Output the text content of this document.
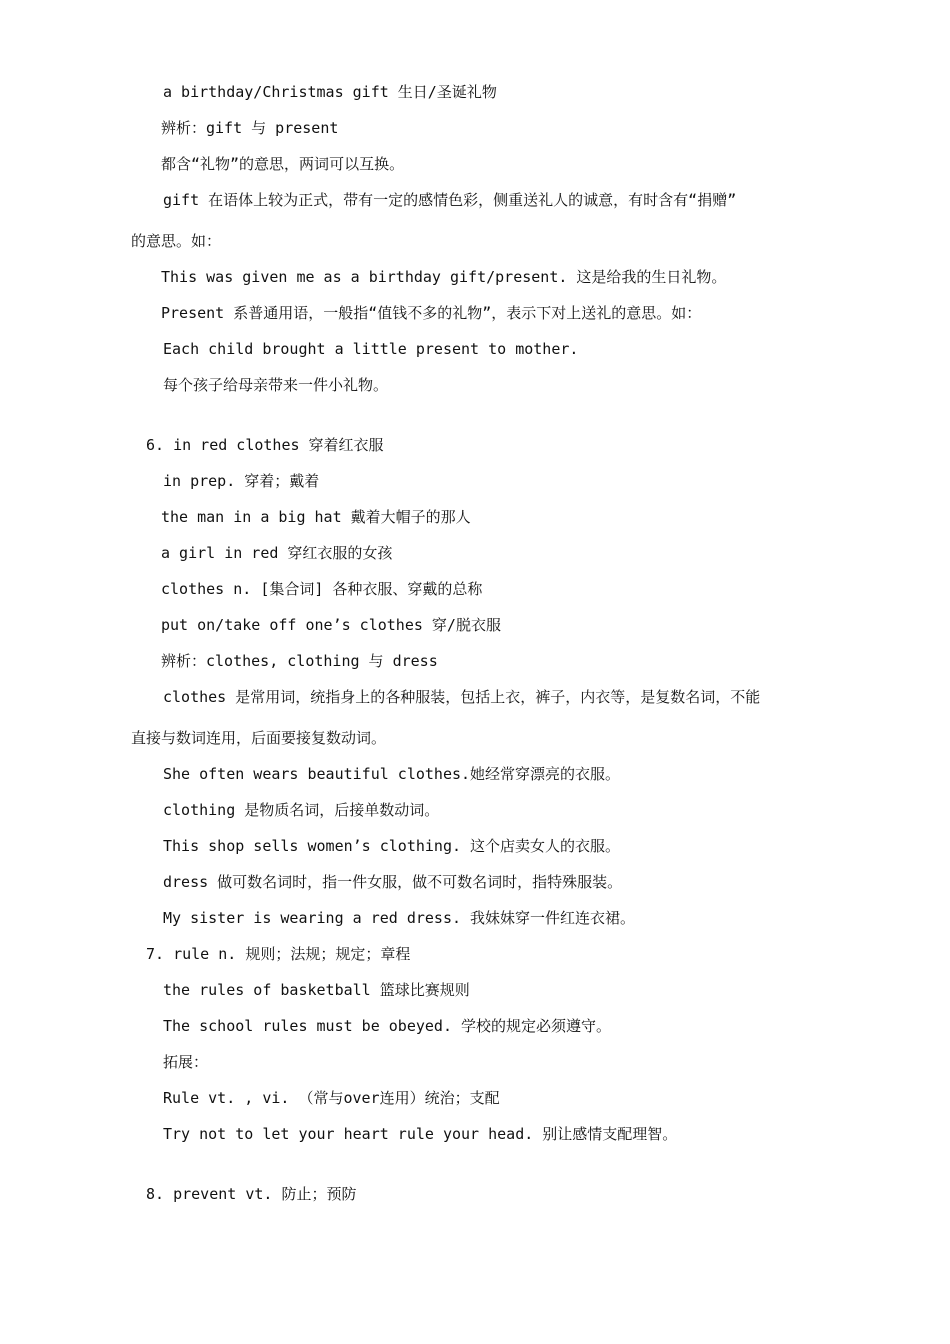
a birthday/Christmas gift 生日/圣诞礼物
辨析：gift 与 present
都含“礼物”的意思，两词可以互换。
gift 在语体上较为正式，带有一定的感情色彩，侧重送礼人的诚意，有时含有“捐赠”
的意思。如：
This was given me as a birthday gift/present. 这是给我的生日礼物。
Present 系普通用语，一般指“值钱不多的礼物”，表示下对上送礼的意思。如：
Each child brought a little present to mother.
每个孩子给母亲带来一件小礼物。
6. in red clothes 穿着红衣服
in prep. 穿着；戴着
the man in a big hat 戴着大帽子的那人
a girl in red 穿红衣服的女孩
clothes n. [集合词] 各种衣服、穿戴的总称
put on/take off one’s clothes 穿/脱衣服
辨析：clothes, clothing 与 dress
clothes 是常用词，统指身上的各种服装，包括上衣，裤子，内衣等，是复数名词，不能
直接与数词连用，后面要接复数动词。
She often wears beautiful clothes.她经常穿漂亮的衣服。
clothing 是物质名词，后接单数动词。
This shop sells women’s clothing. 这个店卖女人的衣服。
dress 做可数名词时，指一件女服，做不可数名词时，指特殊服装。
My sister is wearing a red dress. 我妹妹穿一件红连衣裙。
7. rule n. 规则；法规；规定；章程
the rules of basketball 篮球比赛规则
The school rules must be obeyed. 学校的规定必须遵守。
拓展：
Rule vt. , vi. （常与over连用）统治；支配
Try not to let your heart rule your head. 别让感情支配理智。
8. prevent vt. 防止；预防
